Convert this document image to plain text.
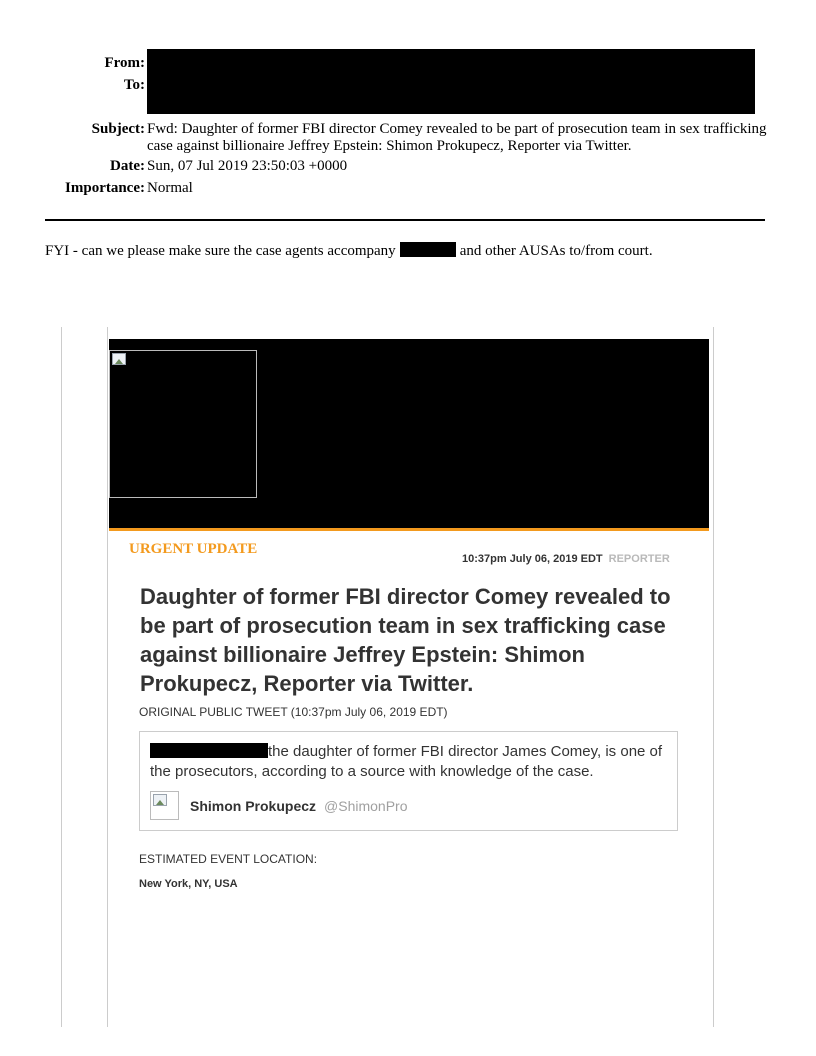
From:
To:
Subject: Fwd: Daughter of former FBI director Comey revealed to be part of prosecution team in sex trafficking case against billionaire Jeffrey Epstein: Shimon Prokupecz, Reporter via Twitter.
Date: Sun, 07 Jul 2019 23:50:03 +0000
Importance: Normal
FYI - can we please make sure the case agents accompany	and other AUSAs to/from court.
URGENT UPDATE
10:37pm July 06, 2019 EDT REPORTER
Daughter of former FBI director Comey revealed to be part of prosecution team in sex trafficking case against billionaire Jeffrey Epstein: Shimon Prokupecz, Reporter via Twitter.
ORIGINAL PUBLIC TWEET (10:37pm July 06, 2019 EDT)
the daughter of former FBI director James Comey, is one of the prosecutors, according to a source with knowledge of the case.
Shimon Prokupecz @ShimonPro
ESTIMATED EVENT LOCATION:
New York, NY, USA
